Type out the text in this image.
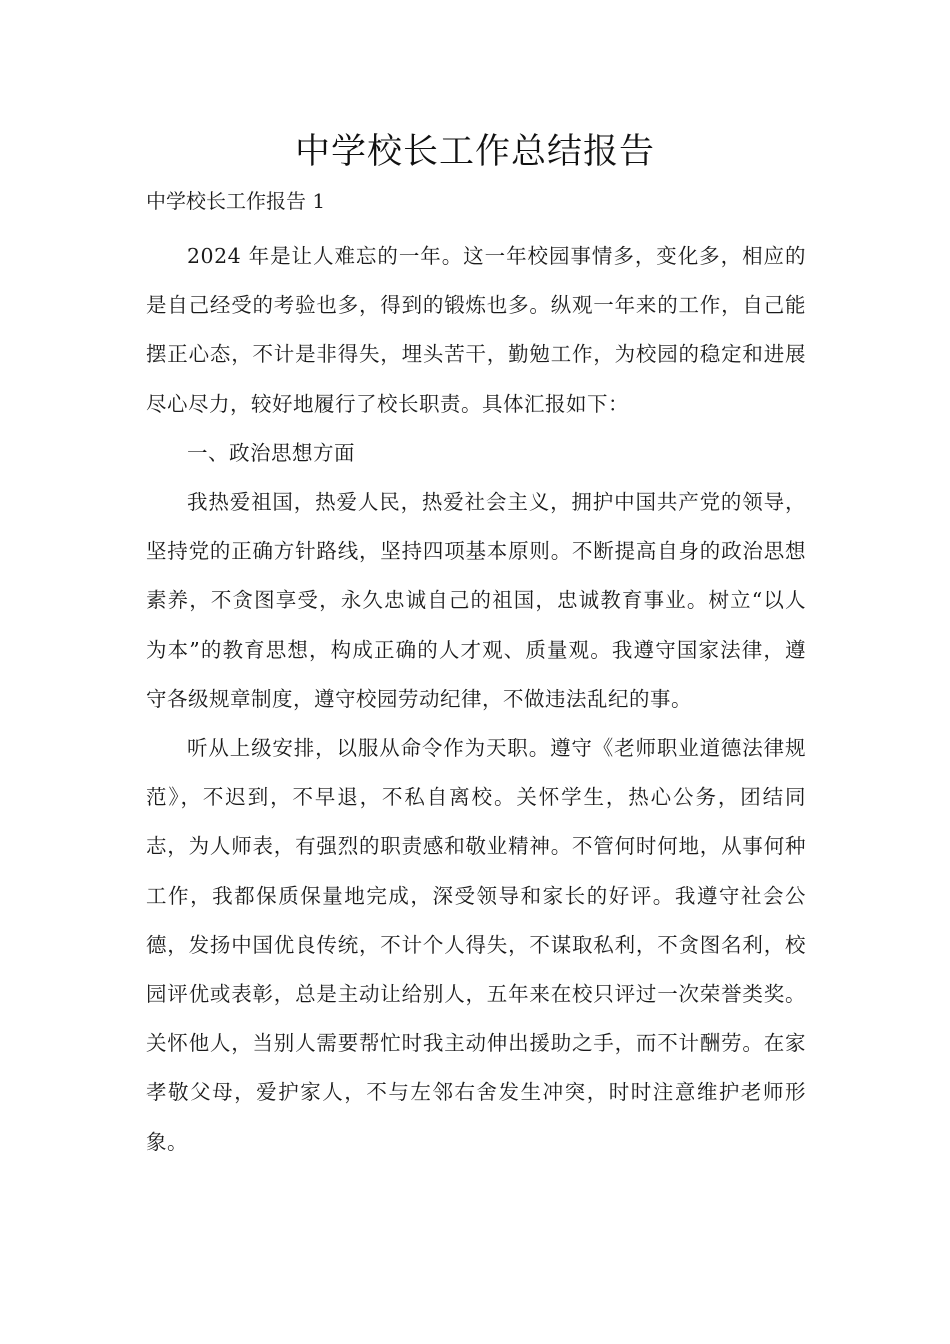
中学校长工作总结报告

中学校长工作报告 1

2024 年是让人难忘的一年。这一年校园事情多，变化多，相应的是自己经受的考验也多，得到的锻炼也多。纵观一年来的工作，自己能摆正心态，不计是非得失，埋头苦干，勤勉工作，为校园的稳定和进展尽心尽力，较好地履行了校长职责。具体汇报如下：

一、政治思想方面

我热爱祖国，热爱人民，热爱社会主义，拥护中国共产党的领导，坚持党的正确方针路线，坚持四项基本原则。不断提高自身的政治思想素养，不贪图享受，永久忠诚自己的祖国，忠诚教育事业。树立“以人为本”的教育思想，构成正确的人才观、质量观。我遵守国家法律，遵守各级规章制度，遵守校园劳动纪律，不做违法乱纪的事。

听从上级安排，以服从命令作为天职。遵守《老师职业道德法律规范》，不迟到，不早退，不私自离校。关怀学生，热心公务，团结同志，为人师表，有强烈的职责感和敬业精神。不管何时何地，从事何种工作，我都保质保量地完成，深受领导和家长的好评。我遵守社会公德，发扬中国优良传统，不计个人得失，不谋取私利，不贪图名利，校园评优或表彰，总是主动让给别人，五年来在校只评过一次荣誉类奖。关怀他人，当别人需要帮忙时我主动伸出援助之手，而不计酬劳。在家孝敬父母，爱护家人，不与左邻右舍发生冲突，时时注意维护老师形象。
